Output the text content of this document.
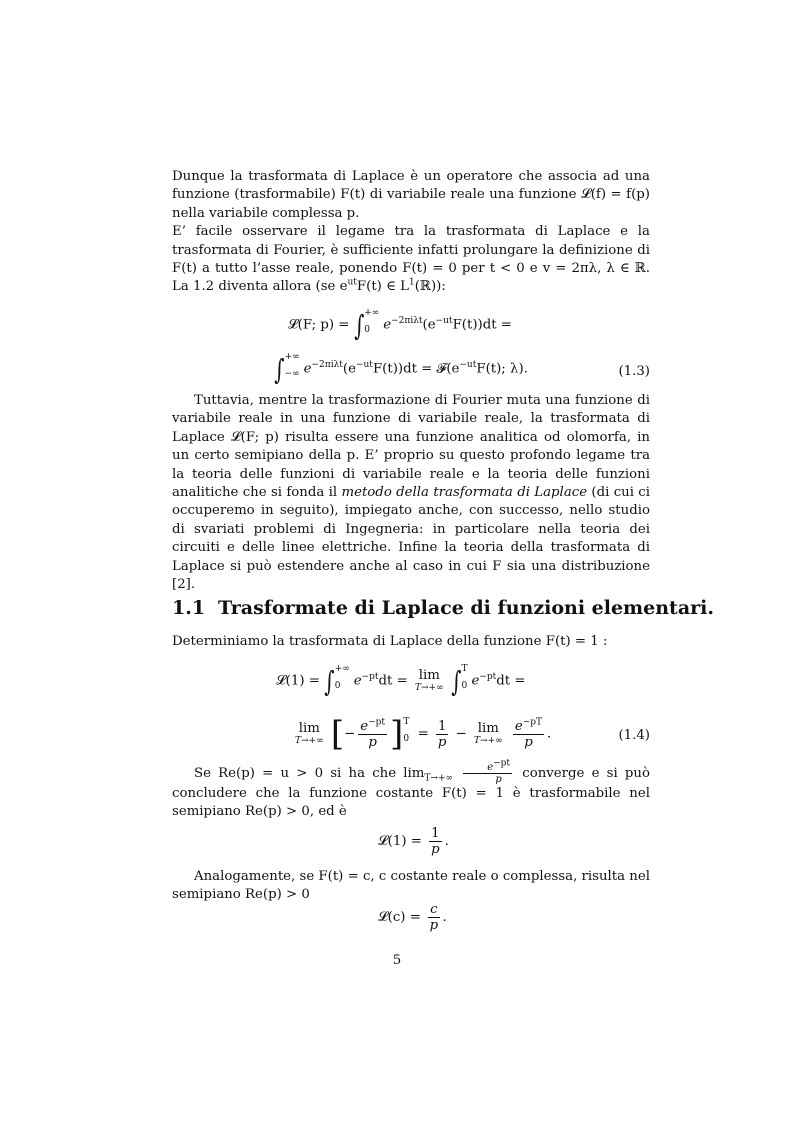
Dunque la trasformata di Laplace è un operatore che associa ad una funzione (trasformabile) F(t) di variabile reale una funzione 𝓛(f) = f(p) nella variabile complessa p.
E’ facile osservare il legame tra la trasformata di Laplace e la trasformata di Fourier, è sufficiente infatti prolungare la definizione di F(t) a tutto l’asse reale, ponendo F(t) = 0 per t < 0 e v = 2πλ, λ ∈ ℝ. La 1.2 diventa allora (se $e^{ut}F(t)$ ∈ $L^1(ℝ)$):
𝓛(F; p) = ∫ +∞
0	$e^{-2\pi i\lambda t}(e^{-ut}F(t))dt$ =
∫ +∞
−∞ $e^{-2\pi i\lambda t}(e^{-ut}F(t))dt$ = $𝓕(e^{-ut}F(t)$; λ).	(1.3)
Tuttavia, mentre la trasformazione di Fourier muta una funzione di variabile reale in una funzione di variabile reale, la trasformata di Laplace 𝓛(F; p) risulta essere una funzione analitica od olomorfa, in un certo semipiano della p. E’ proprio su questo profondo legame tra la teoria delle funzioni di variabile reale e la teoria delle funzioni analitiche che si fonda il metodo della trasformata di Laplace (di cui ci occuperemo in seguito), impiegato anche, con successo, nello studio di svariati problemi di Ingegneria: in particolare nella teoria dei circuiti e delle linee elettriche. Infine la teoria della trasformata di Laplace si può estendere anche al caso in cui F sia una distribuzione [2].
1.1 Trasformate di Laplace di funzioni elementari.
Determiniamo la trasformata di Laplace della funzione F(t) = 1 :
𝓛(1) = ∫ +∞
0	$e^{-pt}dt = \lim$
T→+∞ ∫ T
0 $e^{-pt}dt$ =
lim
T→+∞ [− $\frac{e^{-pt}}{p}$ ] T
$0 = \frac{1}{p} - \lim$
T→+∞
$\frac{e^{-pT}}{p}$ .	(1.4)
Se Re(p) = u > 0 si ha che $\lim_{T\to+\infty} \frac{e-pt}{p}$ converge e si può concludere che la funzione costante F(t) = 1 è trasformabile nel semipiano Re(p) > 0, ed è
𝓛(1) = $\frac{1}{p}$ .
Analogamente, se F(t) = c, c costante reale o complessa, risulta nel semipiano Re(p) > 0
𝓛(c) = $\frac{c}{p}$ .
5
